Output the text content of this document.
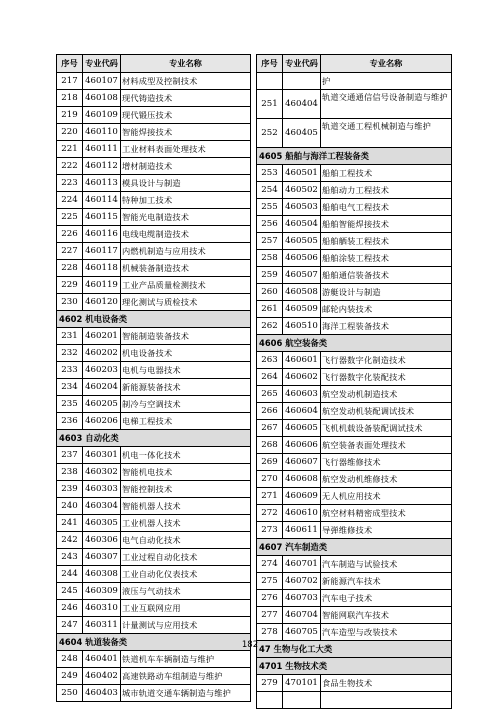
序号	专业代码	专业名称
217	460107	材料成型及控制技术
218	460108	现代铸造技术
219	460109	现代锻压技术
220	460110	智能焊接技术
221	460111	工业材料表面处理技术
222	460112	增材制造技术
223	460113	模具设计与制造
224	460114	特种加工技术
225	460115	智能光电制造技术
226	460116	电线电缆制造技术
227	460117	内燃机制造与应用技术
228	460118	机械装备制造技术
229	460119	工业产品质量检测技术
230	460120	理化测试与质检技术
4602 机电设备类		
231	460201	智能制造装备技术
232	460202	机电设备技术
233	460203	电机与电器技术
234	460204	新能源装备技术
235	460205	制冷与空调技术
236	460206	电梯工程技术
4603 自动化类		
237	460301	机电一体化技术
238	460302	智能机电技术
239	460303	智能控制技术
240	460304	智能机器人技术
241	460305	工业机器人技术
242	460306	电气自动化技术
243	460307	工业过程自动化技术
244	460308	工业自动化仪表技术
245	460309	液压与气动技术
246	460310	工业互联网应用
247	460311	计量测试与应用技术
4604 轨道装备类		
248	460401	铁道机车车辆制造与维护
249	460402	高速铁路动车组制造与维护
250	460403	城市轨道交通车辆制造与维护
序号	专业代码	专业名称
		护
251	460404	轨道交通通信信号设备制造与维护
252	460405	轨道交通工程机械制造与维护
4605 船舶与海洋工程装备类		
253	460501	船舶工程技术
254	460502	船舶动力工程技术
255	460503	船舶电气工程技术
256	460504	船舶智能焊接技术
257	460505	船舶舾装工程技术
258	460506	船舶涂装工程技术
259	460507	船舶通信装备技术
260	460508	游艇设计与制造
261	460509	邮轮内装技术
262	460510	海洋工程装备技术
4606 航空装备类		
263	460601	飞行器数字化制造技术
264	460602	飞行器数字化装配技术
265	460603	航空发动机制造技术
266	460604	航空发动机装配调试技术
267	460605	飞机机载设备装配调试技术
268	460606	航空装备表面处理技术
269	460607	飞行器维修技术
270	460608	航空发动机维修技术
271	460609	无人机应用技术
272	460610	航空材料精密成型技术
273	460611	导弹维修技术
4607 汽车制造类		
274	460701	汽车制造与试验技术
275	460702	新能源汽车技术
276	460703	汽车电子技术
277	460704	智能网联汽车技术
278	460705	汽车造型与改装技术
47 生物与化工大类		
4701 生物技术类		
279	470101	食品生物技术

182
